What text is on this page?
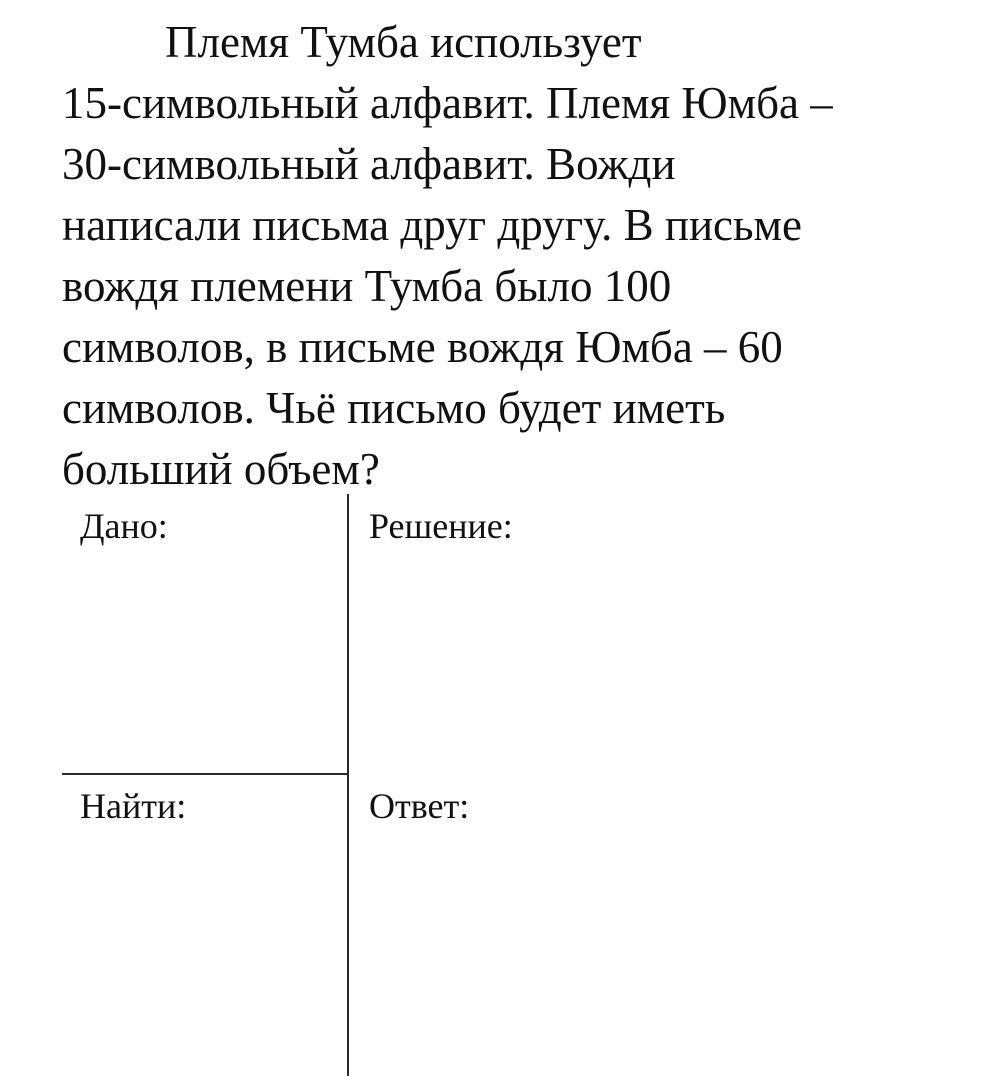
Племя Тумба использует
15-символьный алфавит. Племя Юмба –
30-символьный алфавит. Вожди
написали письма друг другу. В письме
вождя племени Тумба было 100
символов, в письме вождя Юмба – 60
символов. Чьё письмо будет иметь
больший объем?
Дано:	Решение:
Найти:	Ответ:
